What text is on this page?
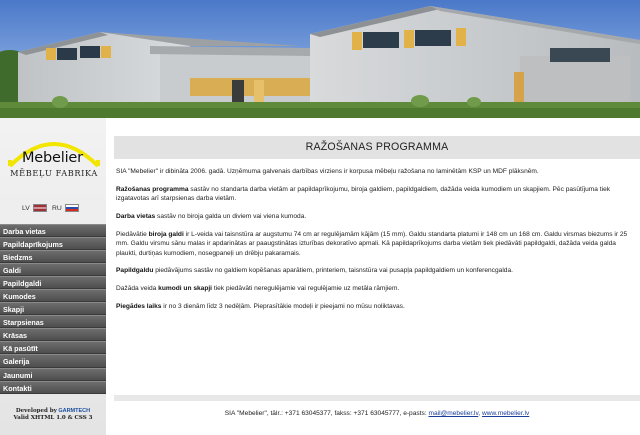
Mebelier
MĒBEĻU FABRIKA
LV	RU
Darba vietas
Papildaprīkojums
Biedzms
Galdi
Papildgaldi
Kumodes
Skapji
Starpsienas
Krāsas
Kā pasūtīt
Galerija
Jaunumi
Kontakti
Developed by GARMTECH
Valid XHTML 1.0 & CSS 3
RAŽOŠANAS PROGRAMMA

SIA "Mebelier" ir dibināta 2006. gadā. Uzņēmuma galvenais darbības virziens ir korpusa mēbeļu ražošana no laminētām KSP un MDF plāksnēm.

Ražošanas programma sastāv no standarta darba vietām ar papildaprīkojumu, biroja galdiem, papildgaldiem, dažāda veida kumodiem un skapjiem. Pēc pasūtījuma tiek izgatavotas arī starpsienas darba vietām.

Darba vietas sastāv no biroja galda un diviem vai viena kumoda.

Piedāvātie biroja galdi ir L-veida vai taisnstūra ar augstumu 74 cm ar regulējamām kājām (15 mm). Galdu standarta platumi ir 148 cm un 168 cm. Galdu virsmas biezums ir 25 mm. Galdu virsmu sānu malas ir apdarinātas ar paaugstinātas izturības dekoratīvo apmali. Kā papildaprīkojums darba vietām tiek piedāvāti papildgaldi, dažāda veida galda plaukti, durtiņas kumodiem, nosegpaneļi un drēbju pakaramais.

Papildgaldu piedāvājums sastāv no galdiem kopēšanas aparātiem, printeriem, taisnstūra vai pusapļa papildgaldiem un konferencgalda.

Dažāda veida kumodi un skapji tiek piedāvāti neregulējamie vai regulējamie uz metāla rāmjiem.

Piegādes laiks ir no 3 dienām līdz 3 nedēļām. Pieprasītākie modeļi ir pieejami no mūsu noliktavas.

SIA "Mebelier", tālr.: +371 63045377, fakss: +371 63045777, e-pasts: mail@mebelier.lv, www.mebelier.lv
